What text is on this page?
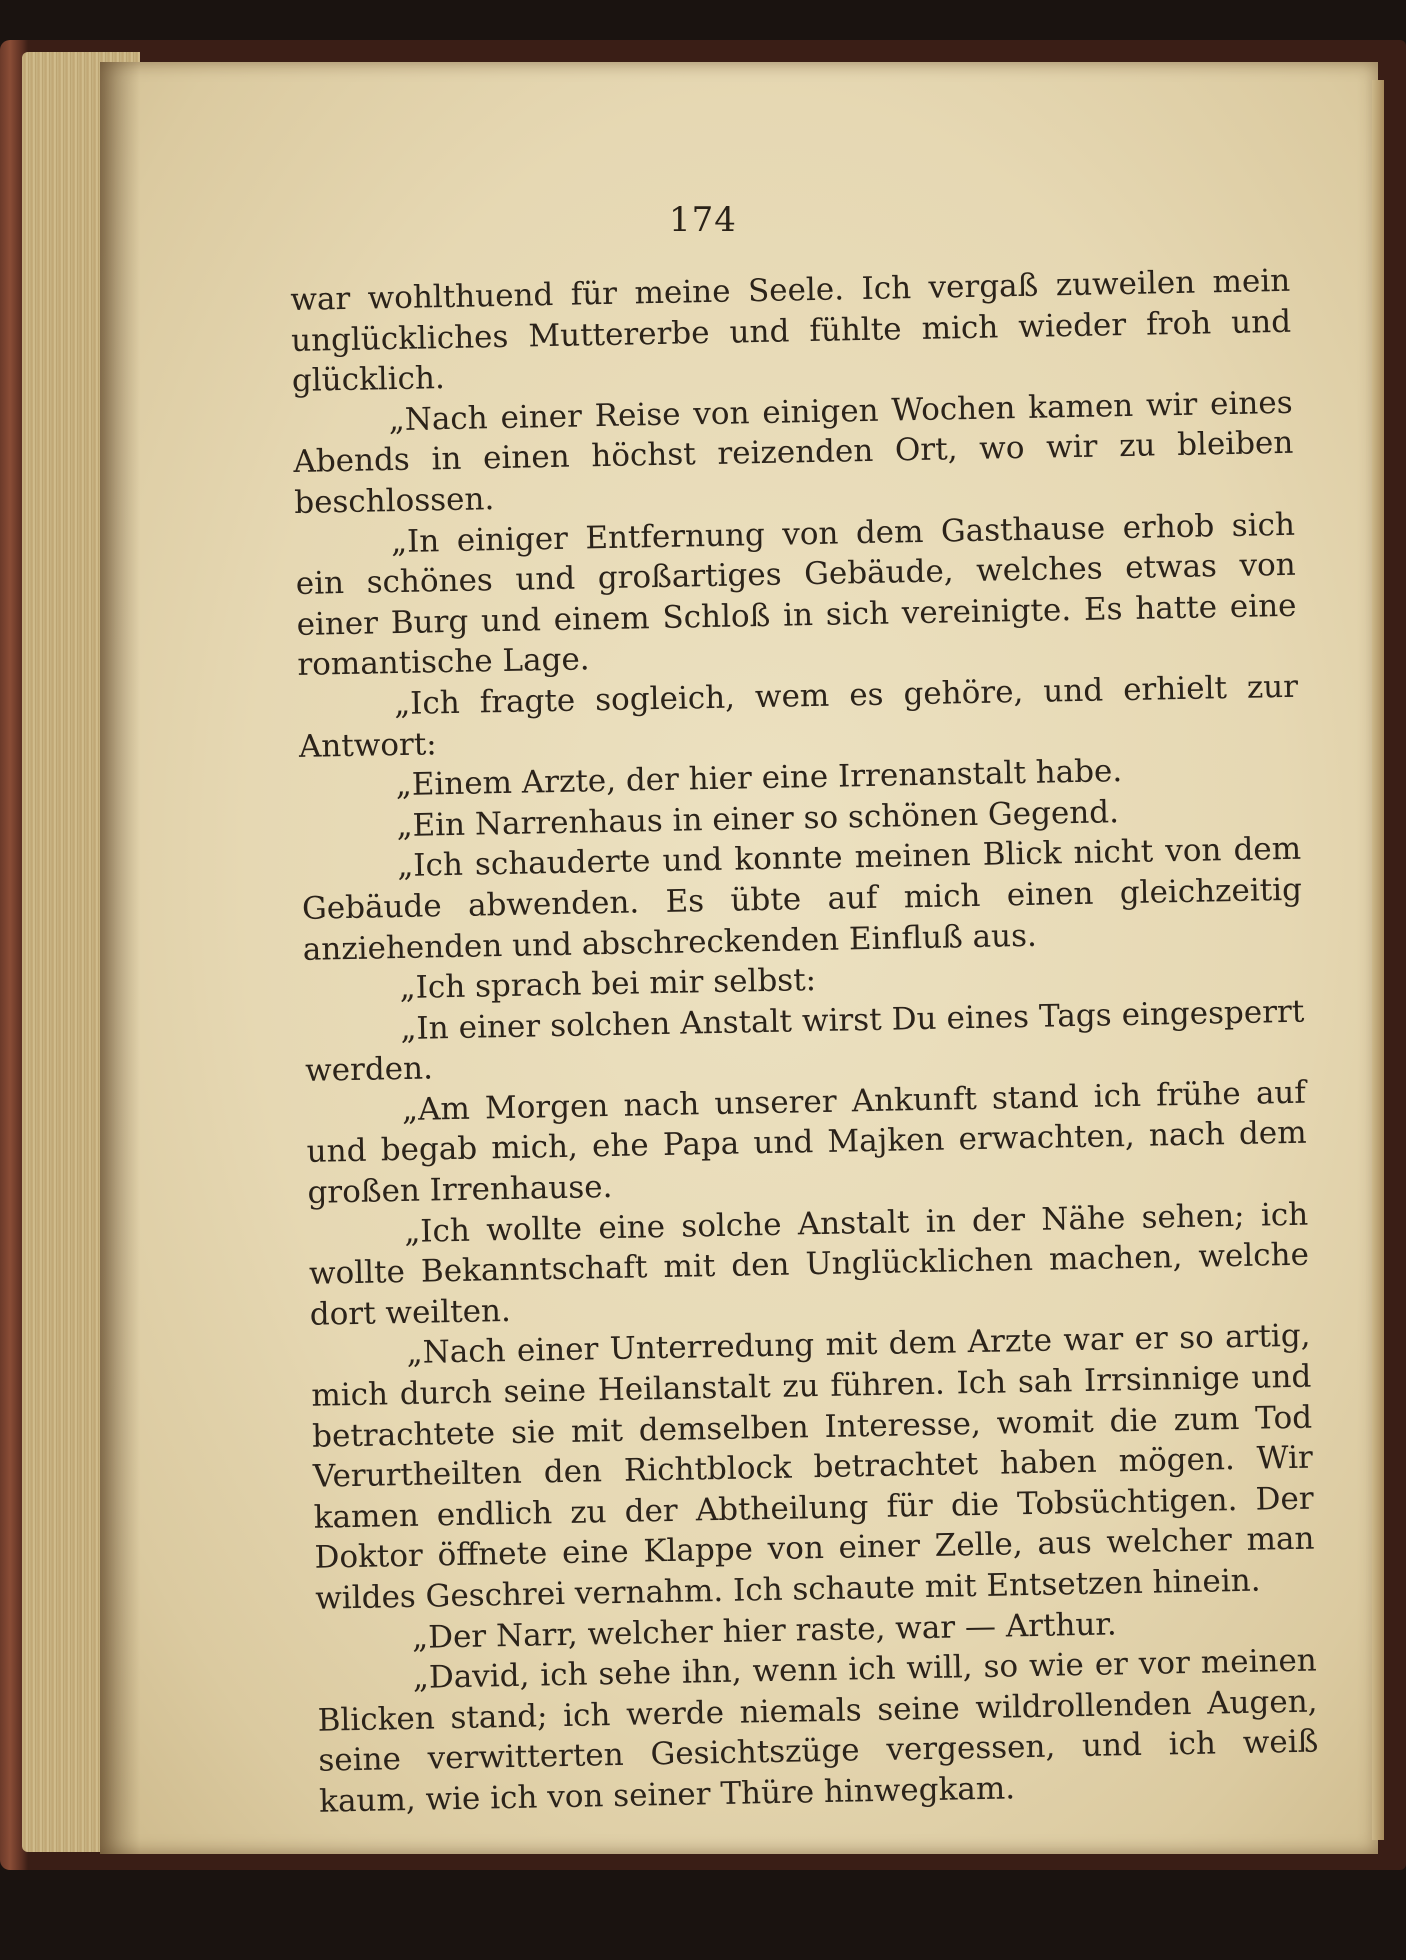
174

war wohlthuend für meine Seele. Ich vergaß zuweilen mein unglückliches Muttererbe und fühlte mich wieder froh und glücklich.

„Nach einer Reise von einigen Wochen kamen wir eines Abends in einen höchst reizenden Ort, wo wir zu bleiben beschlossen.

„In einiger Entfernung von dem Gasthause erhob sich ein schönes und großartiges Gebäude, welches etwas von einer Burg und einem Schloß in sich vereinigte. Es hatte eine romantische Lage.

„Ich fragte sogleich, wem es gehöre, und erhielt zur Antwort:

„Einem Arzte, der hier eine Irrenanstalt habe.

„Ein Narrenhaus in einer so schönen Gegend.

„Ich schauderte und konnte meinen Blick nicht von dem Gebäude abwenden. Es übte auf mich einen gleichzeitig anziehenden und abschreckenden Einfluß aus.

„Ich sprach bei mir selbst:

„In einer solchen Anstalt wirst Du eines Tags eingesperrt werden.

„Am Morgen nach unserer Ankunft stand ich frühe auf und begab mich, ehe Papa und Majken erwachten, nach dem großen Irrenhause.

„Ich wollte eine solche Anstalt in der Nähe sehen; ich wollte Bekanntschaft mit den Unglücklichen machen, welche dort weilten.

„Nach einer Unterredung mit dem Arzte war er so artig, mich durch seine Heilanstalt zu führen. Ich sah Irrsinnige und betrachtete sie mit demselben Interesse, womit die zum Tod Verurtheilten den Richtblock betrachtet haben mögen. Wir kamen endlich zu der Abtheilung für die Tobsüchtigen. Der Doktor öffnete eine Klappe von einer Zelle, aus welcher man wildes Geschrei vernahm. Ich schaute mit Entsetzen hinein.

„Der Narr, welcher hier raste, war — Arthur.

„David, ich sehe ihn, wenn ich will, so wie er vor meinen Blicken stand; ich werde niemals seine wildrollenden Augen, seine verwitterten Gesichtszüge vergessen, und ich weiß kaum, wie ich von seiner Thüre hinwegkam.
